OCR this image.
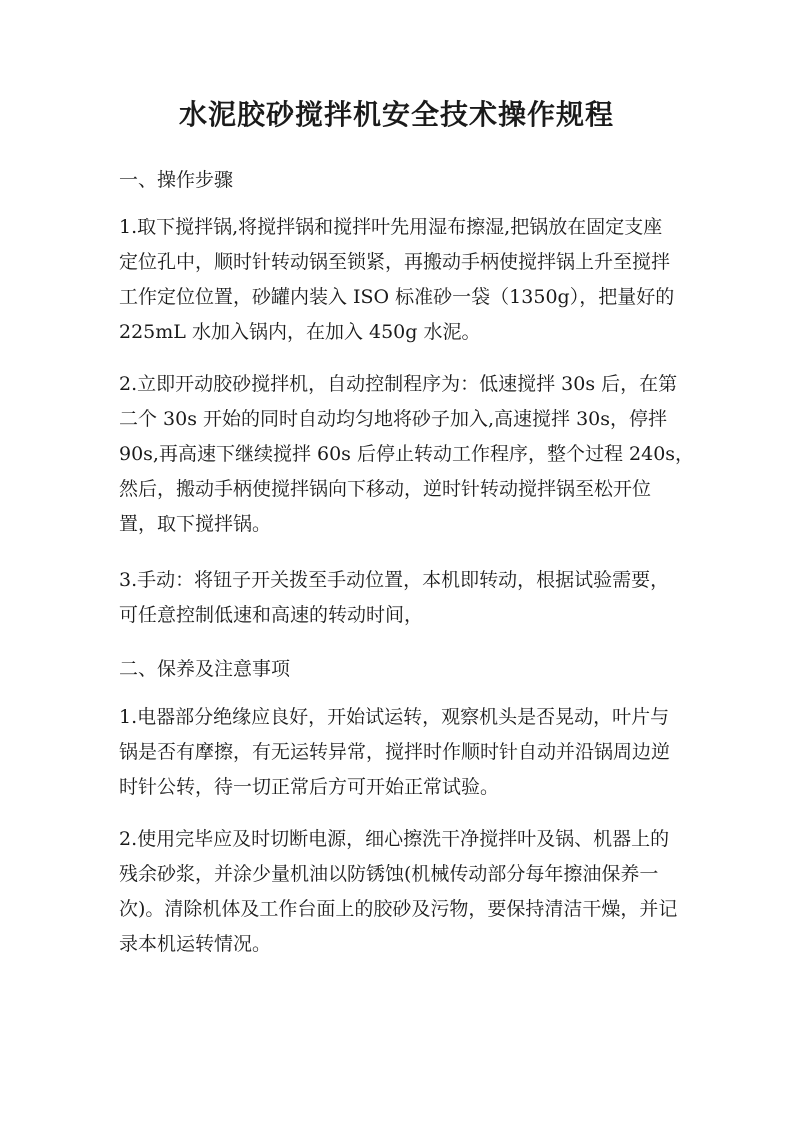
水泥胶砂搅拌机安全技术操作规程
一、操作步骤
1.取下搅拌锅,将搅拌锅和搅拌叶先用湿布擦湿,把锅放在固定支座
定位孔中，顺时针转动锅至锁紧，再搬动手柄使搅拌锅上升至搅拌
工作定位位置，砂罐内装入 ISO 标准砂一袋（1350g），把量好的
225mL 水加入锅内，在加入 450g 水泥。
2.立即开动胶砂搅拌机，自动控制程序为：低速搅拌 30s 后，在第
二个 30s 开始的同时自动均匀地将砂子加入,高速搅拌 30s，停拌
90s,再高速下继续搅拌 60s 后停止转动工作程序，整个过程 240s，
然后，搬动手柄使搅拌锅向下移动，逆时针转动搅拌锅至松开位
置，取下搅拌锅。
3.手动：将钮子开关拨至手动位置，本机即转动，根据试验需要，
可任意控制低速和高速的转动时间，
二、保养及注意事项
1.电器部分绝缘应良好，开始试运转，观察机头是否晃动，叶片与
锅是否有摩擦，有无运转异常，搅拌时作顺时针自动并沿锅周边逆
时针公转，待一切正常后方可开始正常试验。
2.使用完毕应及时切断电源，细心擦洗干净搅拌叶及锅、机器上的
残余砂浆，并涂少量机油以防锈蚀(机械传动部分每年擦油保养一
次)。清除机体及工作台面上的胶砂及污物，要保持清洁干燥，并记
录本机运转情况。
